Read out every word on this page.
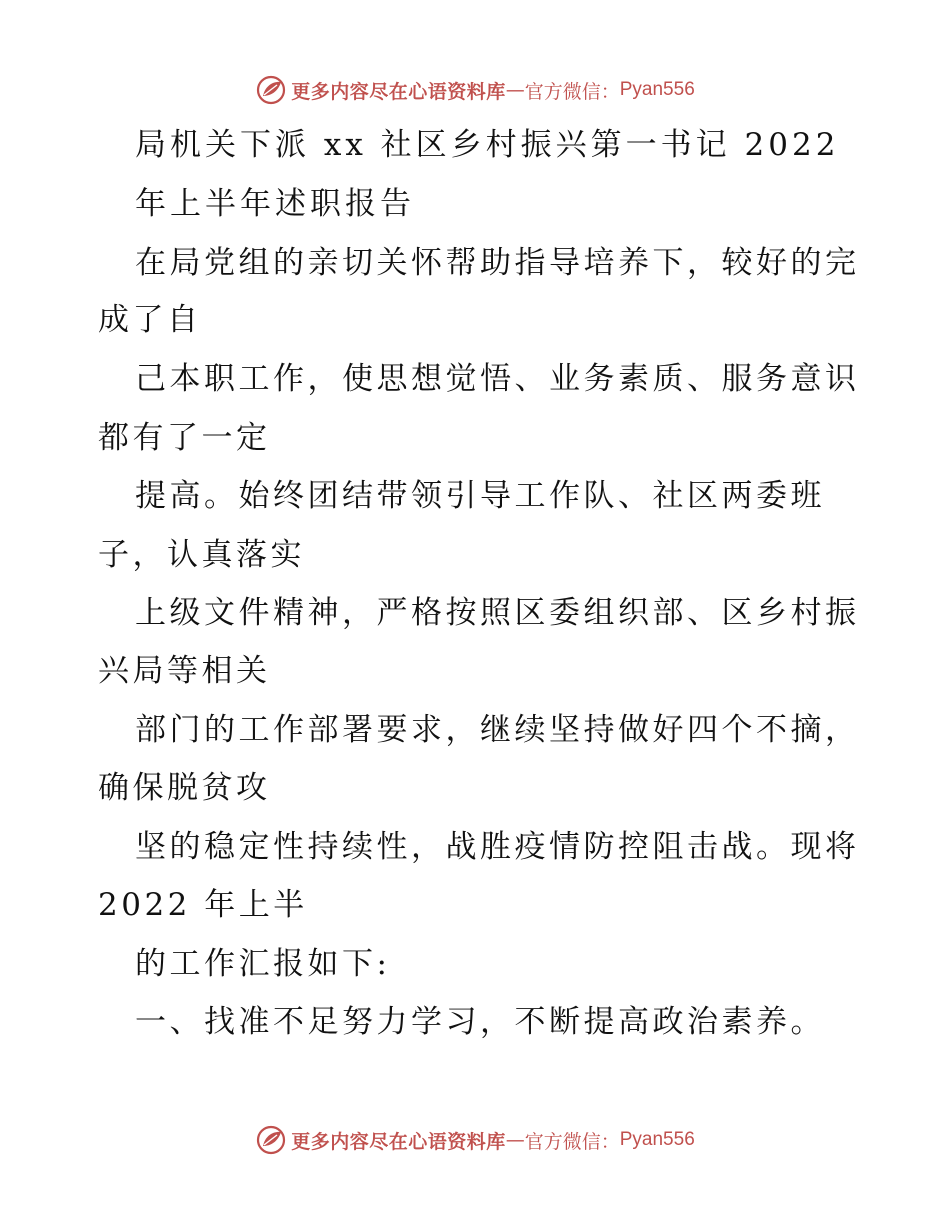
更多内容尽在心语资料库 — 官方微信： Pyan556
局机关下派 xx 社区乡村振兴第一书记 2022
年上半年述职报告
在局党组的亲切关怀帮助指导培养下，较好的完
成了自
己本职工作，使思想觉悟、业务素质、服务意识
都有了一定
提高。始终团结带领引导工作队、社区两委班
子，认真落实
上级文件精神，严格按照区委组织部、区乡村振
兴局等相关
部门的工作部署要求，继续坚持做好四个不摘，
确保脱贫攻
坚的稳定性持续性，战胜疫情防控阻击战。现将
2022 年上半
的工作汇报如下:
一、找准不足努力学习，不断提高政治素养。
更多内容尽在心语资料库 — 官方微信： Pyan556
